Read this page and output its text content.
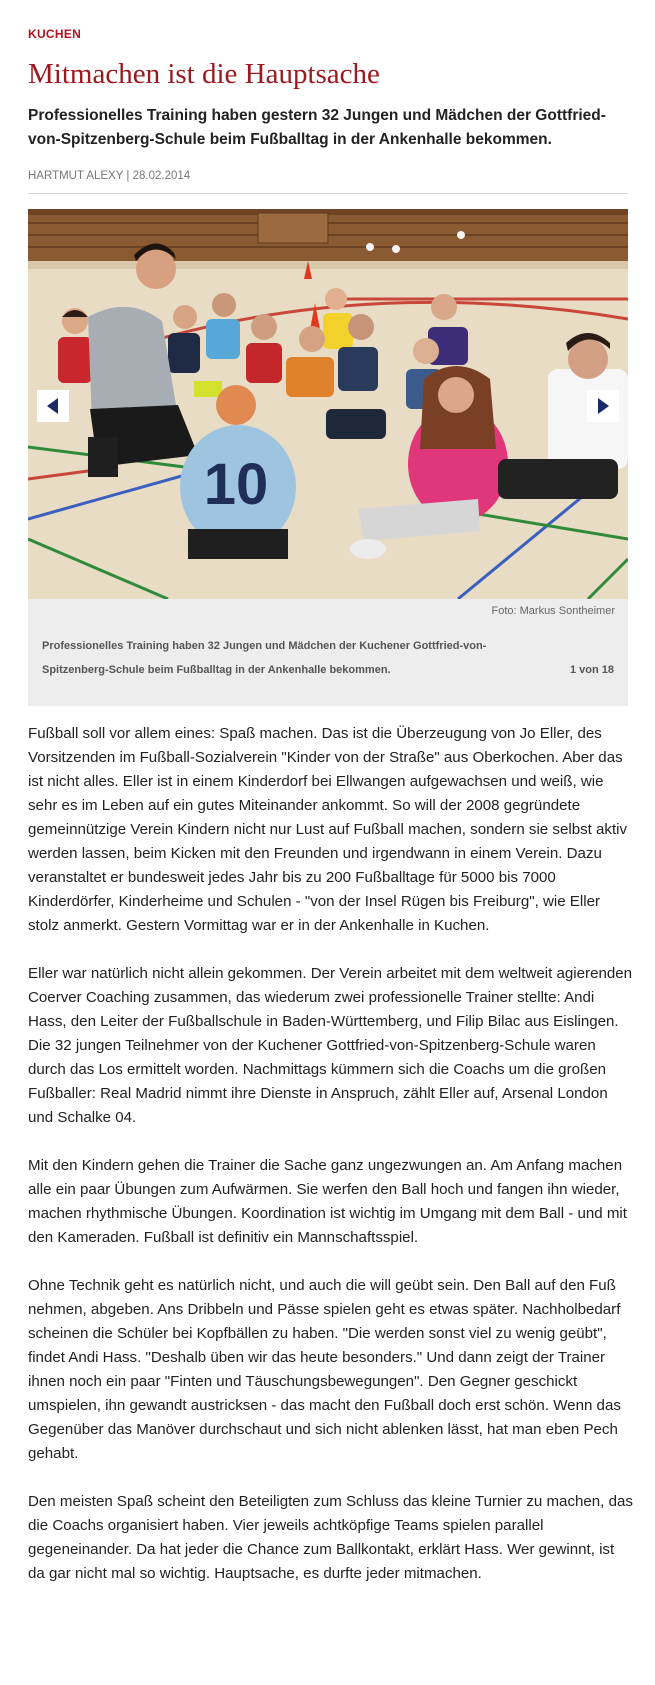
KUCHEN
Mitmachen ist die Hauptsache
Professionelles Training haben gestern 32 Jungen und Mädchen der Gottfried-von-Spitzenberg-Schule beim Fußballtag in der Ankenhalle bekommen.
HARTMUT ALEXY | 28.02.2014
10
Foto: Markus Sontheimer
Professionelles Training haben 32 Jungen und Mädchen der Kuchener Gottfried-von-Spitzenberg-Schule beim Fußballtag in der Ankenhalle bekommen.	1 von 18

Fußball soll vor allem eines: Spaß machen. Das ist die Überzeugung von Jo Eller, des Vorsitzenden im Fußball-Sozialverein "Kinder von der Straße" aus Oberkochen. Aber das ist nicht alles. Eller ist in einem Kinderdorf bei Ellwangen aufgewachsen und weiß, wie sehr es im Leben auf ein gutes Miteinander ankommt. So will der 2008 gegründete gemeinnützige Verein Kindern nicht nur Lust auf Fußball machen, sondern sie selbst aktiv werden lassen, beim Kicken mit den Freunden und irgendwann in einem Verein. Dazu veranstaltet er bundesweit jedes Jahr bis zu 200 Fußballtage für 5000 bis 7000 Kinderdörfer, Kinderheime und Schulen - "von der Insel Rügen bis Freiburg", wie Eller stolz anmerkt. Gestern Vormittag war er in der Ankenhalle in Kuchen.

Eller war natürlich nicht allein gekommen. Der Verein arbeitet mit dem weltweit agierenden Coerver Coaching zusammen, das wiederum zwei professionelle Trainer stellte: Andi Hass, den Leiter der Fußballschule in Baden-Württemberg, und Filip Bilac aus Eislingen. Die 32 jungen Teilnehmer von der Kuchener Gottfried-von-Spitzenberg-Schule waren durch das Los ermittelt worden. Nachmittags kümmern sich die Coachs um die großen Fußballer: Real Madrid nimmt ihre Dienste in Anspruch, zählt Eller auf, Arsenal London und Schalke 04.

Mit den Kindern gehen die Trainer die Sache ganz ungezwungen an. Am Anfang machen alle ein paar Übungen zum Aufwärmen. Sie werfen den Ball hoch und fangen ihn wieder, machen rhythmische Übungen. Koordination ist wichtig im Umgang mit dem Ball - und mit den Kameraden. Fußball ist definitiv ein Mannschaftsspiel.

Ohne Technik geht es natürlich nicht, und auch die will geübt sein. Den Ball auf den Fuß nehmen, abgeben. Ans Dribbeln und Pässe spielen geht es etwas später. Nachholbedarf scheinen die Schüler bei Kopfbällen zu haben. "Die werden sonst viel zu wenig geübt", findet Andi Hass. "Deshalb üben wir das heute besonders." Und dann zeigt der Trainer ihnen noch ein paar "Finten und Täuschungsbewegungen". Den Gegner geschickt umspielen, ihn gewandt austricksen - das macht den Fußball doch erst schön. Wenn das Gegenüber das Manöver durchschaut und sich nicht ablenken lässt, hat man eben Pech gehabt.

Den meisten Spaß scheint den Beteiligten zum Schluss das kleine Turnier zu machen, das die Coachs organisiert haben. Vier jeweils achtköpfige Teams spielen parallel gegeneinander. Da hat jeder die Chance zum Ballkontakt, erklärt Hass. Wer gewinnt, ist da gar nicht mal so wichtig. Hauptsache, es durfte jeder mitmachen.
